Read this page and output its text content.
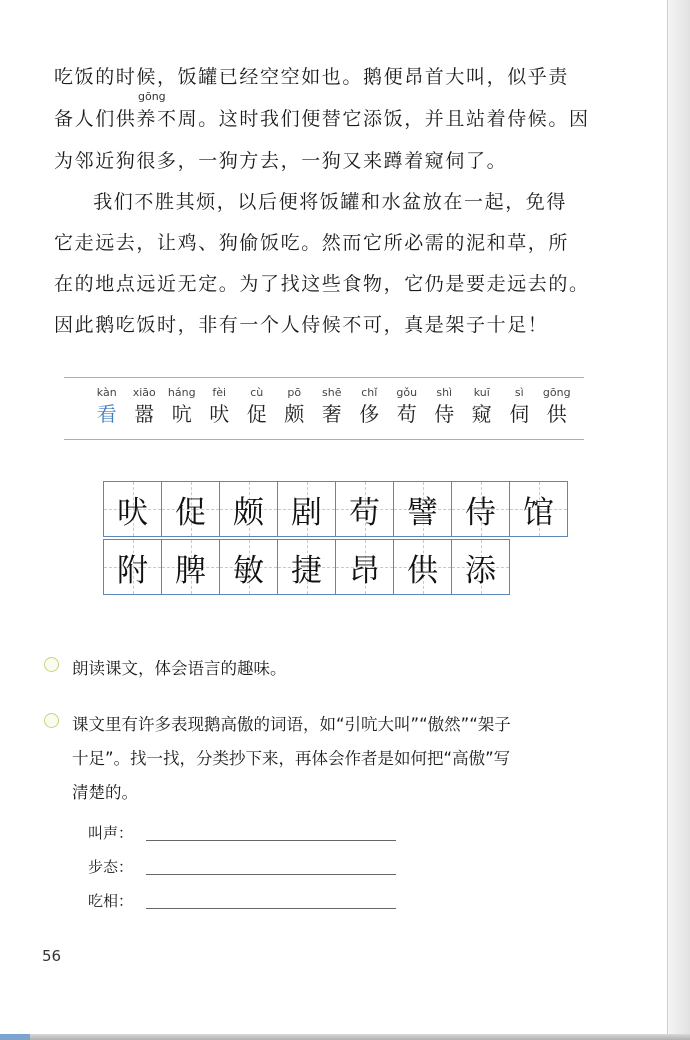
吃饭的时候，饭罐已经空空如也。鹅便昂首大叫，似乎责
gōng
备人们供养不周。这时我们便替它添饭，并且站着侍候。因
为邻近狗很多，一狗方去，一狗又来蹲着窥伺了。
　　我们不胜其烦，以后便将饭罐和水盆放在一起，免得
它走远去，让鸡、狗偷饭吃。然而它所必需的泥和草，所
在的地点远近无定。为了找这些食物，它仍是要走远去的。
因此鹅吃饭时，非有一个人侍候不可，真是架子十足！
kàn
看
xiāo
嚣
háng
吭
fèi
吠
cù
促
pō
颇
shē
奢
chǐ
侈
gǒu
苟
shì
侍
kuī
窥
sì
伺
gōng
供
吠 促 颇 剧 苟 譬 侍 馆
附 脾 敏 捷 昂 供 添
朗读课文，体会语言的趣味。
课文里有许多表现鹅高傲的词语，如“引吭大叫”“傲然”“架子
十足”。找一找，分类抄下来，再体会作者是如何把“高傲”写
清楚的。
叫声：
步态：
吃相：
56
